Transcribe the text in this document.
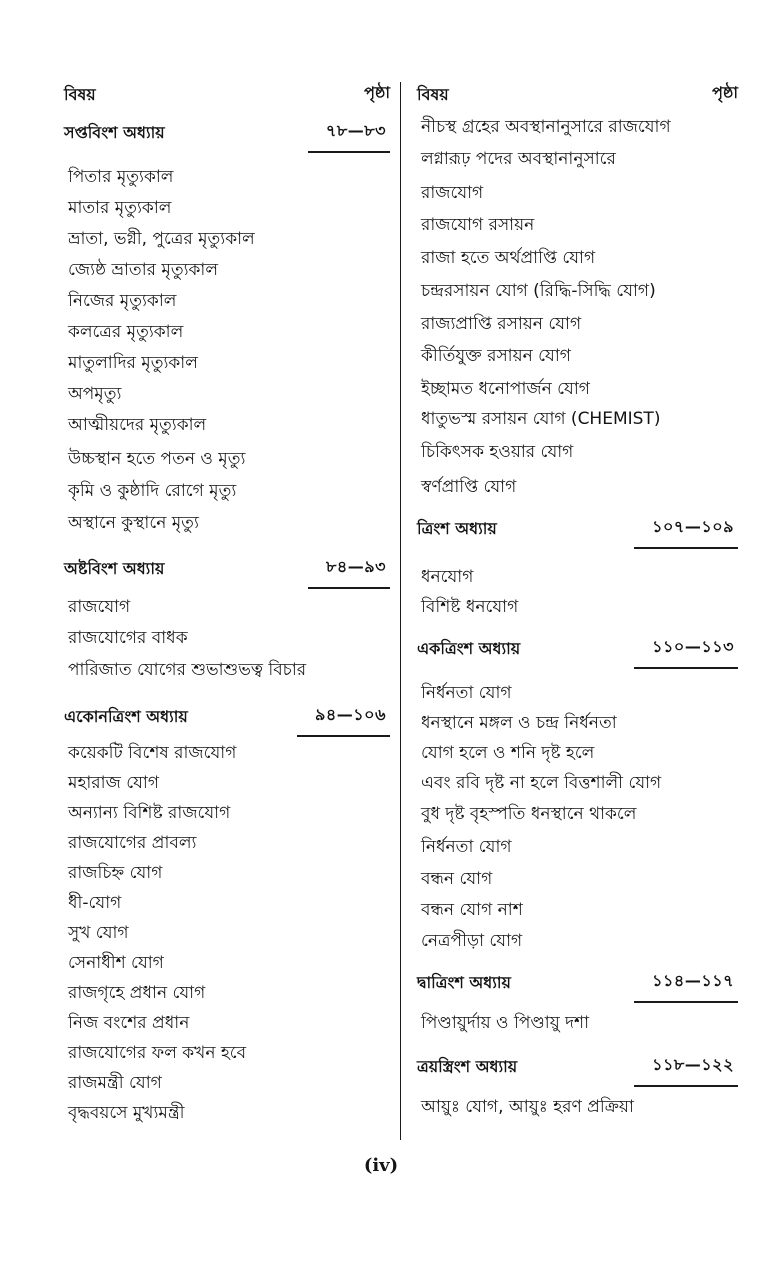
বিষয়	পৃষ্ঠা
সপ্তবিংশ অধ্যায়	৭৮—৮৩
পিতার মৃত্যুকাল
মাতার মৃত্যুকাল
ভ্রাতা, ভগ্নী, পুত্রের মৃত্যুকাল
জ্যেষ্ঠ ভ্রাতার মৃত্যুকাল
নিজের মৃত্যুকাল
কলত্রের মৃত্যুকাল
মাতুলাদির মৃত্যুকাল
অপমৃত্যু
আত্মীয়দের মৃত্যুকাল
উচ্চস্থান হতে পতন ও মৃত্যু
কৃমি ও কুষ্ঠাদি রোগে মৃত্যু
অস্থানে কুস্থানে মৃত্যু
অষ্টবিংশ অধ্যায়	৮৪—৯৩
রাজযোগ
রাজযোগের বাধক
পারিজাত যোগের শুভাশুভত্ব বিচার
একোনত্রিংশ অধ্যায়	৯৪—১০৬
কয়েকটি বিশেষ রাজযোগ
মহারাজ যোগ
অন্যান্য বিশিষ্ট রাজযোগ
রাজযোগের প্রাবল্য
রাজচিহ্ন যোগ
ধী-যোগ
সুখ যোগ
সেনাধীশ যোগ
রাজগৃহে প্রধান যোগ
নিজ বংশের প্রধান
রাজযোগের ফল কখন হবে
রাজমন্ত্রী যোগ
বৃদ্ধবয়সে মুখ্যমন্ত্রী
বিষয়	পৃষ্ঠা
নীচস্থ গ্রহের অবস্থানানুসারে রাজযোগ
লগ্নারূঢ় পদের অবস্থানানুসারে
রাজযোগ
রাজযোগ রসায়ন
রাজা হতে অর্থপ্রাপ্তি যোগ
চন্দ্ররসায়ন যোগ (রিদ্ধি-সিদ্ধি যোগ)
রাজ্যপ্রাপ্তি রসায়ন যোগ
কীর্তিযুক্ত রসায়ন যোগ
ইচ্ছামত ধনোপার্জন যোগ
ধাতুভস্ম রসায়ন যোগ (CHEMIST)
চিকিৎসক হওয়ার যোগ
স্বর্ণপ্রাপ্তি যোগ
ত্রিংশ অধ্যায়	১০৭—১০৯
ধনযোগ
বিশিষ্ট ধনযোগ
একত্রিংশ অধ্যায়	১১০—১১৩
নির্ধনতা যোগ
ধনস্থানে মঙ্গল ও চন্দ্র নির্ধনতা
যোগ হলে ও শনি দৃষ্ট হলে
এবং রবি দৃষ্ট না হলে বিত্তশালী যোগ
বুধ দৃষ্ট বৃহস্পতি ধনস্থানে থাকলে
নির্ধনতা যোগ
বন্ধন যোগ
বন্ধন যোগ নাশ
নেত্রপীড়া যোগ
দ্বাত্রিংশ অধ্যায়	১১৪—১১৭
পিণ্ডায়ুর্দায় ও পিণ্ডায়ু দশা
ত্রয়স্ত্রিংশ অধ্যায়	১১৮—১২২
আয়ুঃ যোগ, আয়ুঃ হরণ প্রক্রিয়া
(iv)
